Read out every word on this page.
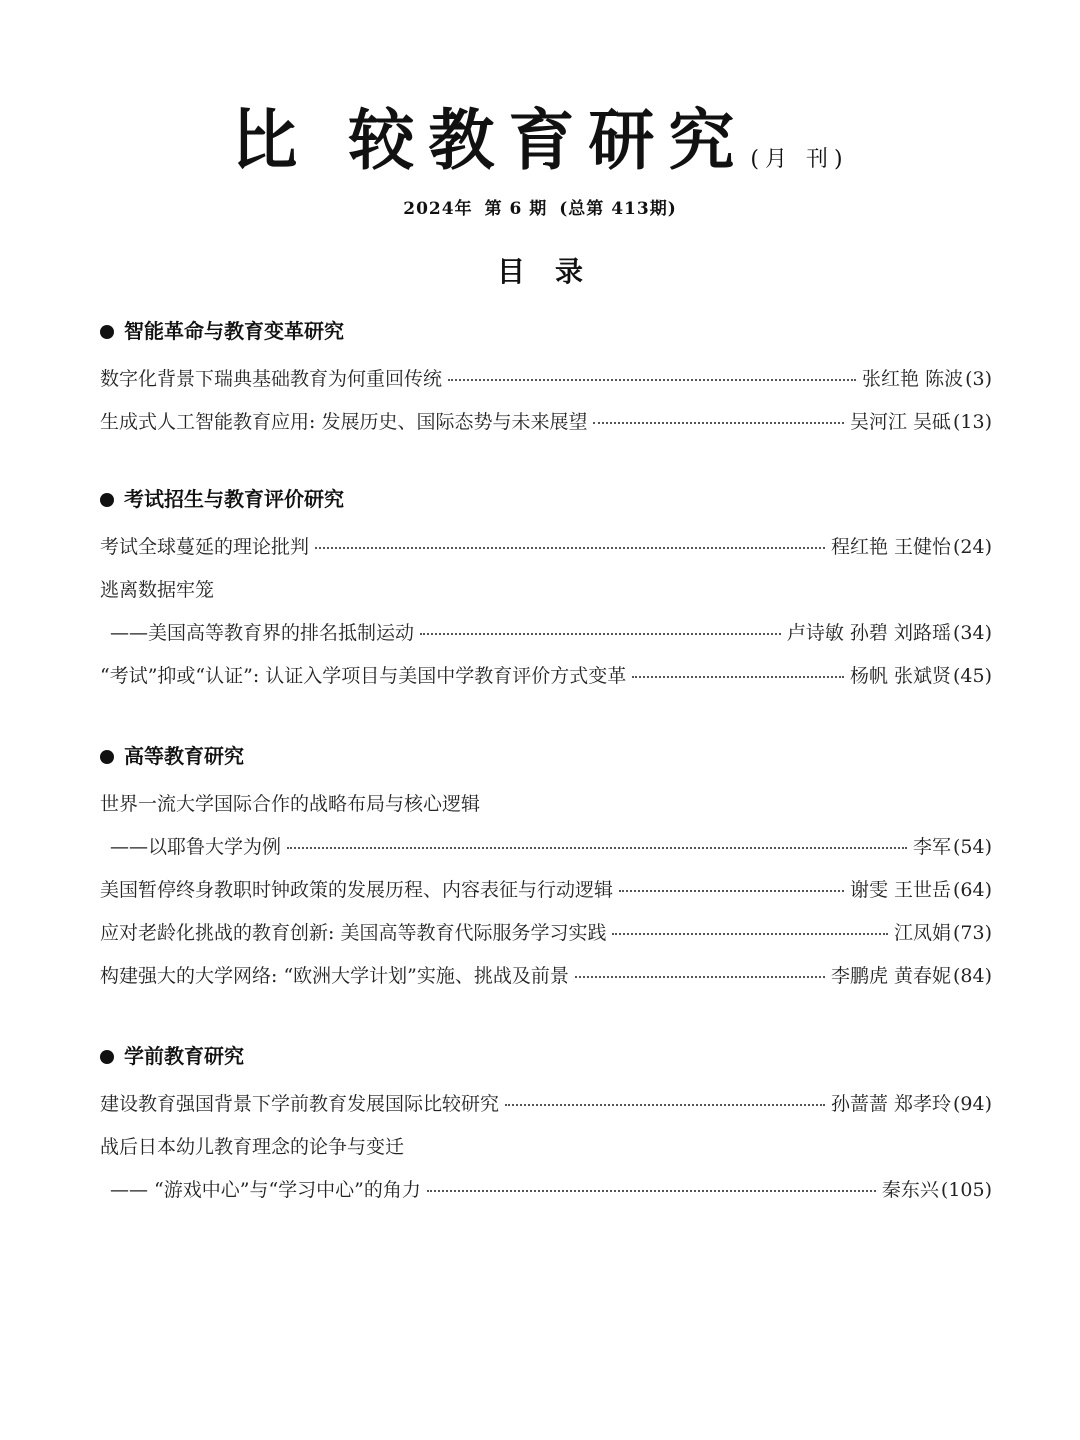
比 较教育研究(月 刊)
2024年 第 6 期 (总第 413期)
目录
智能革命与教育变革研究
数字化背景下瑞典基础教育为何重回传统	张红艳 陈波 (3)
生成式人工智能教育应用: 发展历史、国际态势与未来展望	吴河江 吴砥 (13)
考试招生与教育评价研究
考试全球蔓延的理论批判	程红艳 王健怡 (24)
逃离数据牢笼
——美国高等教育界的排名抵制运动	卢诗敏 孙碧 刘路瑶 (34)
“考试”抑或“认证”: 认证入学项目与美国中学教育评价方式变革	杨帆 张斌贤 (45)
高等教育研究
世界一流大学国际合作的战略布局与核心逻辑
——以耶鲁大学为例	李军 (54)
美国暂停终身教职时钟政策的发展历程、内容表征与行动逻辑	谢雯 王世岳 (64)
应对老龄化挑战的教育创新: 美国高等教育代际服务学习实践	江凤娟 (73)
构建强大的大学网络: “欧洲大学计划”实施、挑战及前景	李鹏虎 黄春妮 (84)
学前教育研究
建设教育强国背景下学前教育发展国际比较研究	孙蔷蔷 郑孝玲 (94)
战后日本幼儿教育理念的论争与变迁
—— “游戏中心”与“学习中心”的角力	秦东兴 (105)
